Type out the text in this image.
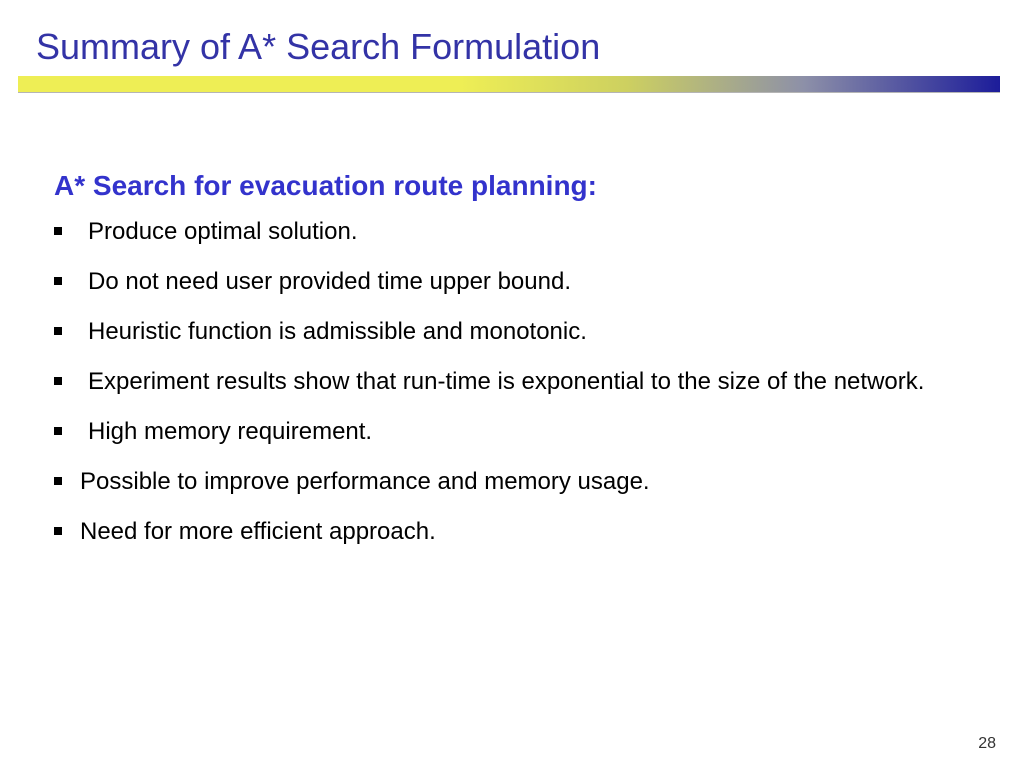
Summary of A* Search Formulation
A* Search for evacuation route planning:
Produce optimal solution.
Do not need user provided time upper bound.
Heuristic function is admissible and monotonic.
Experiment results show that run-time is exponential to the size of the network.
High memory requirement.
Possible to improve performance and memory usage.
Need for more efficient approach.
28
